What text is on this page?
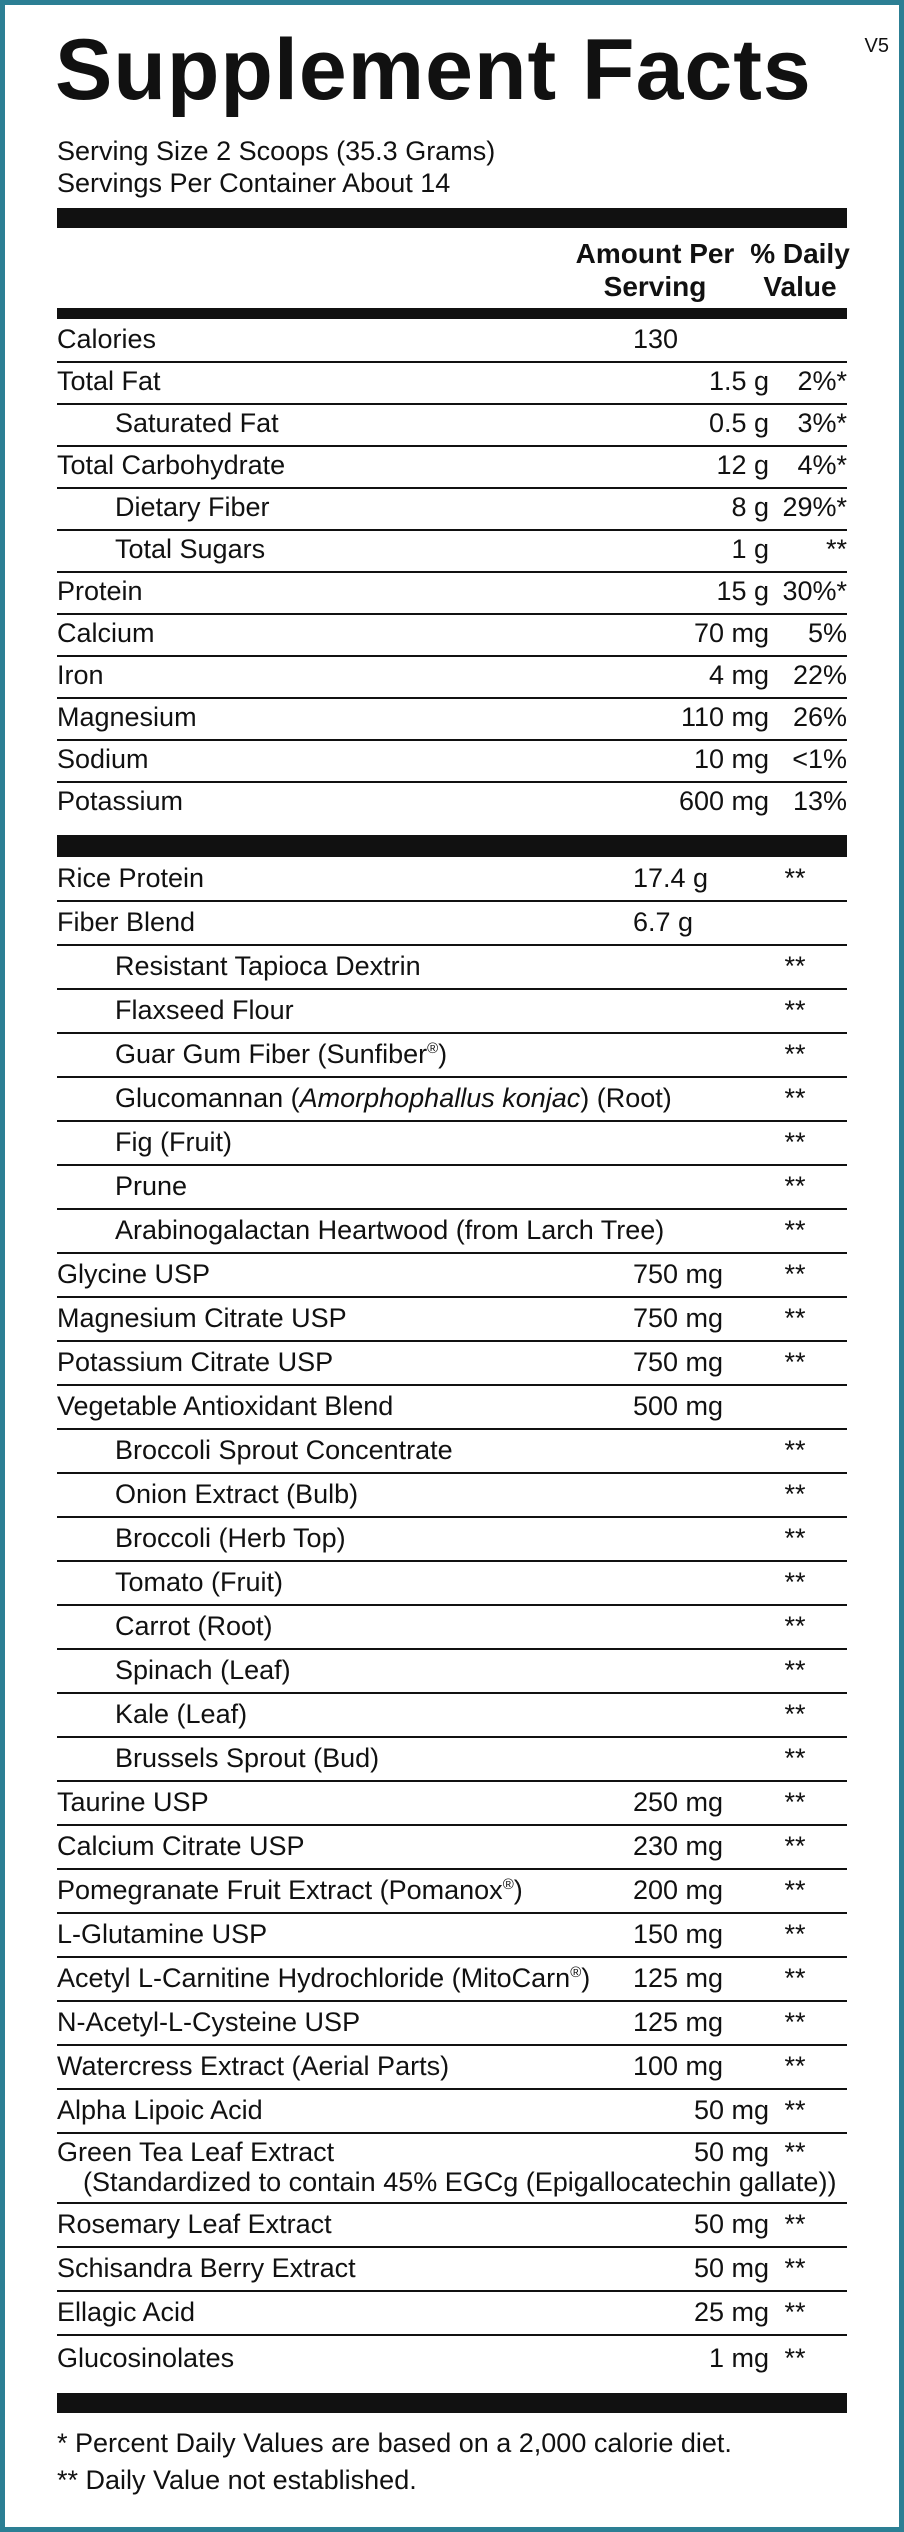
V5
Supplement Facts
Serving Size 2 Scoops (35.3 Grams)
Servings Per Container About 14
Amount Per
Serving
% Daily
Value
Calories	130
Total Fat	1.5 g	2%*
Saturated Fat	0.5 g	3%*
Total Carbohydrate	12 g	4%*
Dietary Fiber	8 g 29%*
Total Sugars	1 g	**
Protein	15 g 30%*
Calcium	70 mg	5%
Iron	4 mg 22%
Magnesium	110 mg 26%
Sodium	10 mg <1%
Potassium	600 mg 13%
Rice Protein	17.4 g	**
Fiber Blend	6.7 g
Resistant Tapioca Dextrin	**
Flaxseed Flour	**
Guar Gum Fiber (Sunfiber®)	**
Glucomannan (Amorphophallus konjac) (Root)	**
Fig (Fruit)	**
Prune	**
Arabinogalactan Heartwood (from Larch Tree)	**
Glycine USP	750 mg	**
Magnesium Citrate USP	750 mg	**
Potassium Citrate USP	750 mg	**
Vegetable Antioxidant Blend	500 mg
Broccoli Sprout Concentrate	**
Onion Extract (Bulb)	**
Broccoli (Herb Top)	**
Tomato (Fruit)	**
Carrot (Root)	**
Spinach (Leaf)	**
Kale (Leaf)	**
Brussels Sprout (Bud)	**
Taurine USP	250 mg	**
Calcium Citrate USP	230 mg	**
Pomegranate Fruit Extract (Pomanox®)	200 mg	**
L-Glutamine USP	150 mg	**
Acetyl L-Carnitine Hydrochloride (MitoCarn®) 125 mg	**
N-Acetyl-L-Cysteine USP	125 mg	**
Watercress Extract (Aerial Parts)	100 mg	**
Alpha Lipoic Acid	50 mg **
Green Tea Leaf Extract	50 mg **
(Standardized to contain 45% EGCg (Epigallocatechin gallate))
Rosemary Leaf Extract	50 mg **
Schisandra Berry Extract	50 mg **
Ellagic Acid	25 mg **
Glucosinolates	1 mg **
* Percent Daily Values are based on a 2,000 calorie diet.
** Daily Value not established.
